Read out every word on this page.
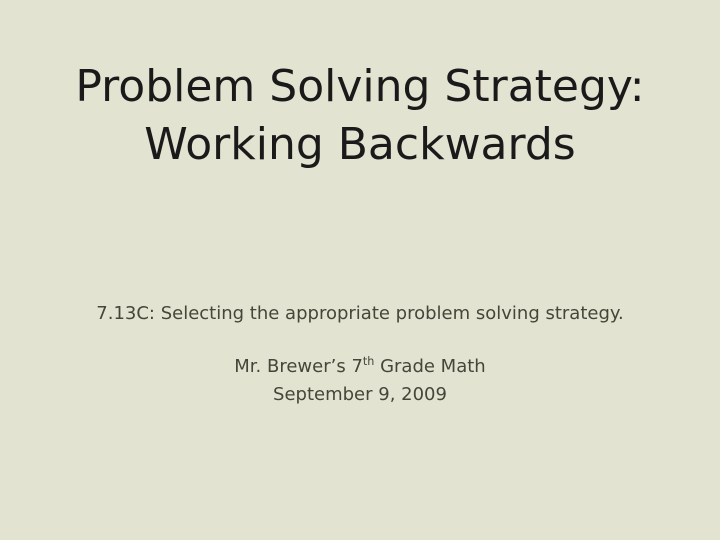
Problem Solving Strategy:
Working Backwards
7.13C: Selecting the appropriate problem solving strategy.
Mr. Brewer’s 7th Grade Math
September 9, 2009
